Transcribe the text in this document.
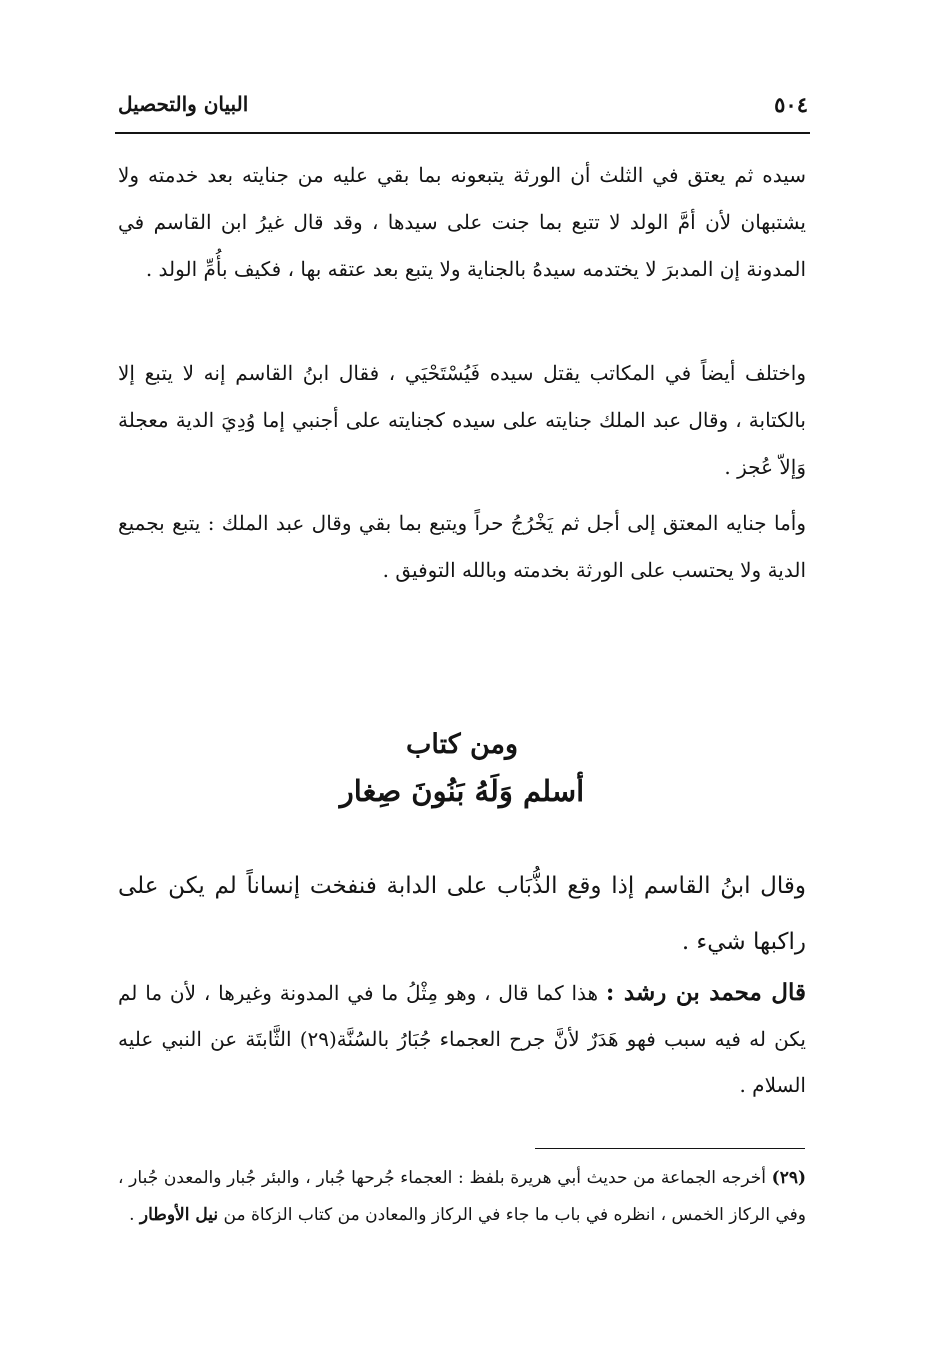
٥٠٤
البيان والتحصيل

سيده ثم يعتق في الثلث أن الورثة يتبعونه بما بقي عليه من جنايته بعد خدمته ولا يشتبهان لأن أمَّ الولد لا تتبع بما جنت على سيدها ، وقد قال غيرُ ابن القاسم في المدونة إن المدبرَ لا يختدمه سيدهُ بالجناية ولا يتبع بعد عتقه بها ، فكيف بأُمِّ الولد .

واختلف أيضاً في المكاتب يقتل سيده فَيُسْتَحْيَي ، فقال ابنُ القاسم إنه لا يتبع إلا بالكتابة ، وقال عبد الملك جنايته على سيده كجنايته على أجنبي إما وُدِيَ الدية معجلة وَإلاّ عُجز .

وأما جنايه المعتق إلى أجل ثم يَخْرُجُ حراً ويتبع بما بقي وقال عبد الملك : يتبع بجميع الدية ولا يحتسب على الورثة بخدمته وبالله التوفيق .

ومن كتاب
أسلم وَلَهُ بَنُونَ صِغار

وقال ابنُ القاسم إذا وقع الذُّبَاب على الدابة فنفخت إنساناً لم يكن على راكبها شيء .

قال محمد بن رشد : هذا كما قال ، وهو مِثْلُ ما في المدونة وغيرها ، لأن ما لم يكن له فيه سبب فهو هَدَرٌ لأنَّ جرح العجماء جُبَارُ بالسُنَّة(٢٩) الثَّابتَة عن النبي عليه السلام .

(٢٩) أخرجه الجماعة من حديث أبي هريرة بلفظ : العجماء جُرحها جُبار ، والبئر جُبار والمعدن جُبار ، وفي الركاز الخمس ، انظره في باب ما جاء في الركاز والمعادن من كتاب الزكاة من نيل الأوطار .
